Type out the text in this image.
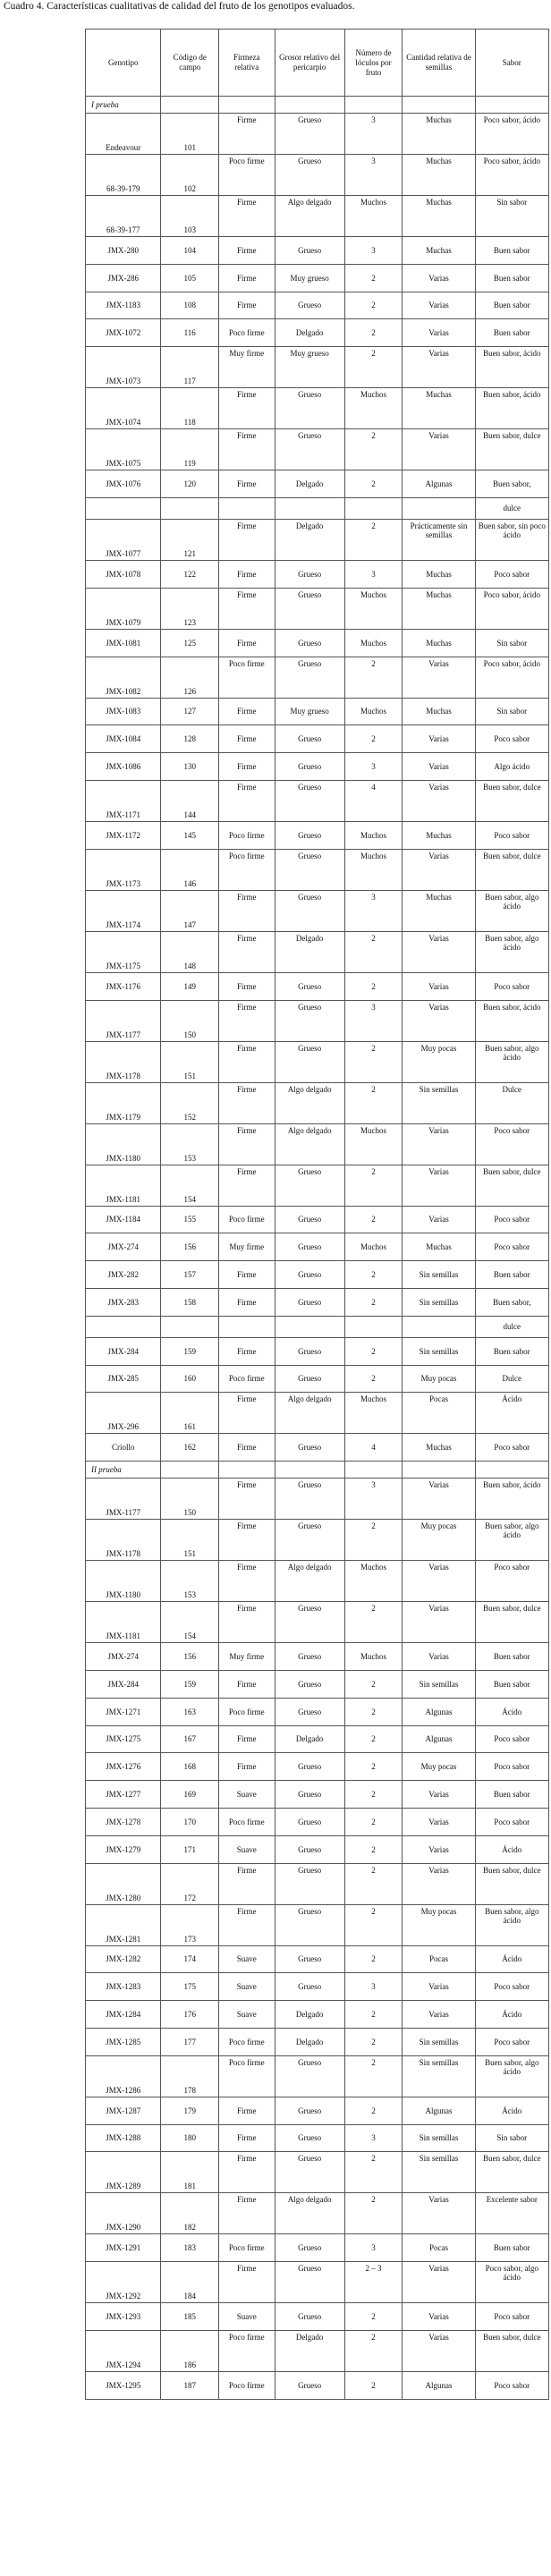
Cuadro 4. Características cualitativas de calidad del fruto de los genotipos evaluados.
Genotipo	Código de campo	Firmeza relativa	Grosor relativo del pericarpio	Número de lóculos por fruto	Cantidad relativa de semillas	Sabor
I prueba						
Endeavour	101	Firme	Grueso	3	Muchas	Poco sabor, ácido
68-39-179	102	Poco firme	Grueso	3	Muchas	Poco sabor, ácido
68-39-177	103	Firme	Algo delgado	Muchos	Muchas	Sin sabor
JMX-280	104	Firme	Grueso	3	Muchas	Buen sabor
JMX-286	105	Firme	Muy grueso	2	Varias	Buen sabor
JMX-1183	108	Firme	Grueso	2	Varias	Buen sabor
JMX-1072	116	Poco firme	Delgado	2	Varias	Buen sabor
JMX-1073	117	Muy firme	Muy grueso	2	Varias	Buen sabor, ácido
JMX-1074	118	Firme	Grueso	Muchos	Muchas	Buen sabor, ácido
JMX-1075	119	Firme	Grueso	2	Varias	Buen sabor, dulce
JMX-1076	120	Firme	Delgado	2	Algunas	Buen sabor,
						dulce
JMX-1077	121	Firme	Delgado	2	Prácticamente sin semillas	Buen sabor, sin poco ácido
JMX-1078	122	Firme	Grueso	3	Muchas	Poco sabor
JMX-1079	123	Firme	Grueso	Muchos	Muchas	Poco sabor, ácido
JMX-1081	125	Firme	Grueso	Muchos	Muchas	Sin sabor
JMX-1082	126	Poco firme	Grueso	2	Varias	Poco sabor, ácido
JMX-1083	127	Firme	Muy grueso	Muchos	Muchas	Sin sabor
JMX-1084	128	Firme	Grueso	2	Varias	Poco sabor
JMX-1086	130	Firme	Grueso	3	Varias	Algo ácido
JMX-1171	144	Firme	Grueso	4	Varias	Buen sabor, dulce
JMX-1172	145	Poco firme	Grueso	Muchos	Muchas	Poco sabor
JMX-1173	146	Poco firme	Grueso	Muchos	Varias	Buen sabor, dulce
JMX-1174	147	Firme	Grueso	3	Muchas	Buen sabor, algo ácido
JMX-1175	148	Firme	Delgado	2	Varias	Buen sabor, algo ácido
JMX-1176	149	Firme	Grueso	2	Varias	Poco sabor
JMX-1177	150	Firme	Grueso	3	Varias	Buen sabor, ácido
JMX-1178	151	Firme	Grueso	2	Muy pocas	Buen sabor, algo ácido
JMX-1179	152	Firme	Algo delgado	2	Sin semillas	Dulce
JMX-1180	153	Firme	Algo delgado	Muchos	Varias	Poco sabor
JMX-1181	154	Firme	Grueso	2	Varias	Buen sabor, dulce
JMX-1184	155	Poco firme	Grueso	2	Varias	Poco sabor
JMX-274	156	Muy firme	Grueso	Muchos	Muchas	Poco sabor
JMX-282	157	Firme	Grueso	2	Sin semillas	Buen sabor
JMX-283	158	Firme	Grueso	2	Sin semillas	Buen sabor,
						dulce
JMX-284	159	Firme	Grueso	2	Sin semillas	Buen sabor
JMX-285	160	Poco firme	Grueso	2	Muy pocas	Dulce
JMX-296	161	Firme	Algo delgado	Muchos	Pocas	Ácido
Criollo	162	Firme	Grueso	4	Muchas	Poco sabor
II prueba						
JMX-1177	150	Firme	Grueso	3	Varias	Buen sabor, ácido
JMX-1178	151	Firme	Grueso	2	Muy pocas	Buen sabor, algo ácido
JMX-1180	153	Firme	Algo delgado	Muchos	Varias	Poco sabor
JMX-1181	154	Firme	Grueso	2	Varias	Buen sabor, dulce
JMX-274	156	Muy firme	Grueso	Muchos	Varias	Buen sabor
JMX-284	159	Firme	Grueso	2	Sin semillas	Buen sabor
JMX-1271	163	Poco firme	Grueso	2	Algunas	Ácido
JMX-1275	167	Firme	Delgado	2	Algunas	Poco sabor
JMX-1276	168	Firme	Grueso	2	Muy pocas	Poco sabor
JMX-1277	169	Suave	Grueso	2	Varias	Buen sabor
JMX-1278	170	Poco firme	Grueso	2	Varias	Poco sabor
JMX-1279	171	Suave	Grueso	2	Varias	Ácido
JMX-1280	172	Firme	Grueso	2	Varias	Buen sabor, dulce
JMX-1281	173	Firme	Grueso	2	Muy pocas	Buen sabor, algo ácido
JMX-1282	174	Suave	Grueso	2	Pocas	Ácido
JMX-1283	175	Suave	Grueso	3	Varias	Poco sabor
JMX-1284	176	Suave	Delgado	2	Varias	Ácido
JMX-1285	177	Poco firme	Delgado	2	Sin semillas	Poco sabor
JMX-1286	178	Poco firme	Grueso	2	Sin semillas	Buen sabor, algo ácido
JMX-1287	179	Firme	Grueso	2	Algunas	Ácido
JMX-1288	180	Firme	Grueso	3	Sin semillas	Sin sabor
JMX-1289	181	Firme	Grueso	2	Sin semillas	Buen sabor, dulce
JMX-1290	182	Firme	Algo delgado	2	Varias	Excelente sabor
JMX-1291	183	Poco firme	Grueso	3	Pocas	Buen sabor
JMX-1292	184	Firme	Grueso	2 – 3	Varias	Poco sabor, algo ácido
JMX-1293	185	Suave	Grueso	2	Varias	Poco sabor
JMX-1294	186	Poco firme	Delgado	2	Varias	Buen sabor, dulce
JMX-1295	187	Poco firme	Grueso	2	Algunas	Poco sabor
